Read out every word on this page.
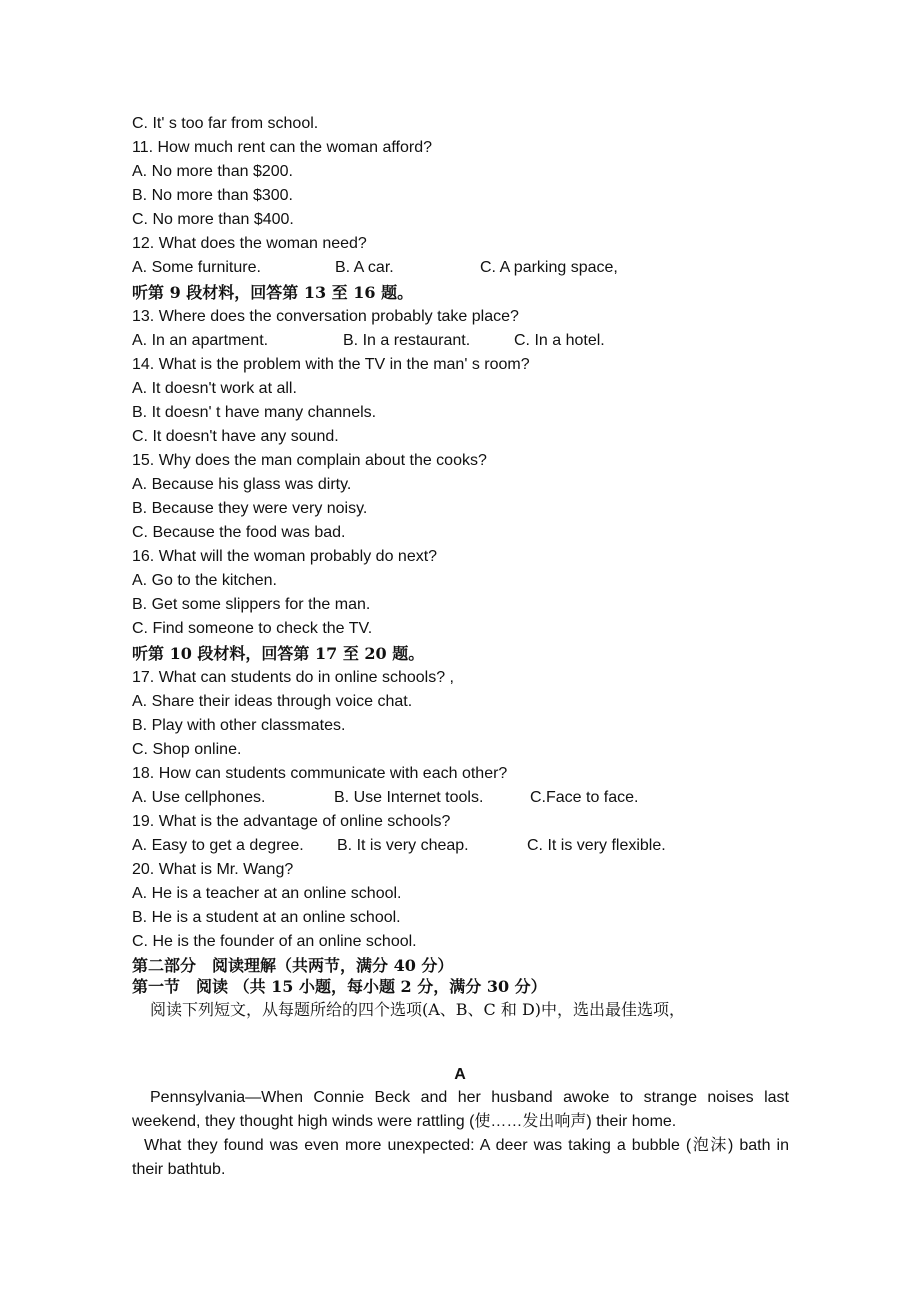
C. It' s too far from school.
11. How much rent can the woman afford?
A. No more than $200.
B. No more than $300.
C. No more than $400.
12. What does the woman need?
A. Some furniture.	B. A car.	C. A parking space,
听第 9 段材料，回答第 13 至 16 题。
13. Where does the conversation probably take place?
A. In an apartment.	B. In a restaurant.	C. In a hotel.
14. What is the problem with the TV in the man' s room?
A. It doesn't work at all.
B. It doesn' t have many channels.
C. It doesn't have any sound.
15. Why does the man complain about the cooks?
A. Because his glass was dirty.
B. Because they were very noisy.
C. Because the food was bad.
16. What will the woman probably do next?
A. Go to the kitchen.
B. Get some slippers for the man.
C. Find someone to check the TV.
听第 10 段材料，回答第 17 至 20 题。
17. What can students do in online schools? ,
A. Share their ideas through voice chat.
B. Play with other classmates.
C. Shop online.
18. How can students communicate with each other?
A. Use cellphones.	B. Use Internet tools.	C.Face to face.
19. What is the advantage of online schools?
A. Easy to get a degree. B. It is very cheap.	C. It is very flexible.
20. What is Mr. Wang?
A. He is a teacher at an online school.
B. He is a student at an online school.
C. He is the founder of an online school.
第二部分　阅读理解（共两节，满分 40 分）
第一节　阅读 （共 15 小题，每小题 2 分，满分 30 分）
阅读下列短文，从每题所给的四个选项(A、B、C 和 D)中，选出最佳选项，
A
Pennsylvania—When Connie Beck and her husband awoke to strange noises last weekend, they thought high winds were rattling (使……发出响声) their home.
What they found was even more unexpected: A deer was taking a bubble (泡沫) bath in their bathtub.
